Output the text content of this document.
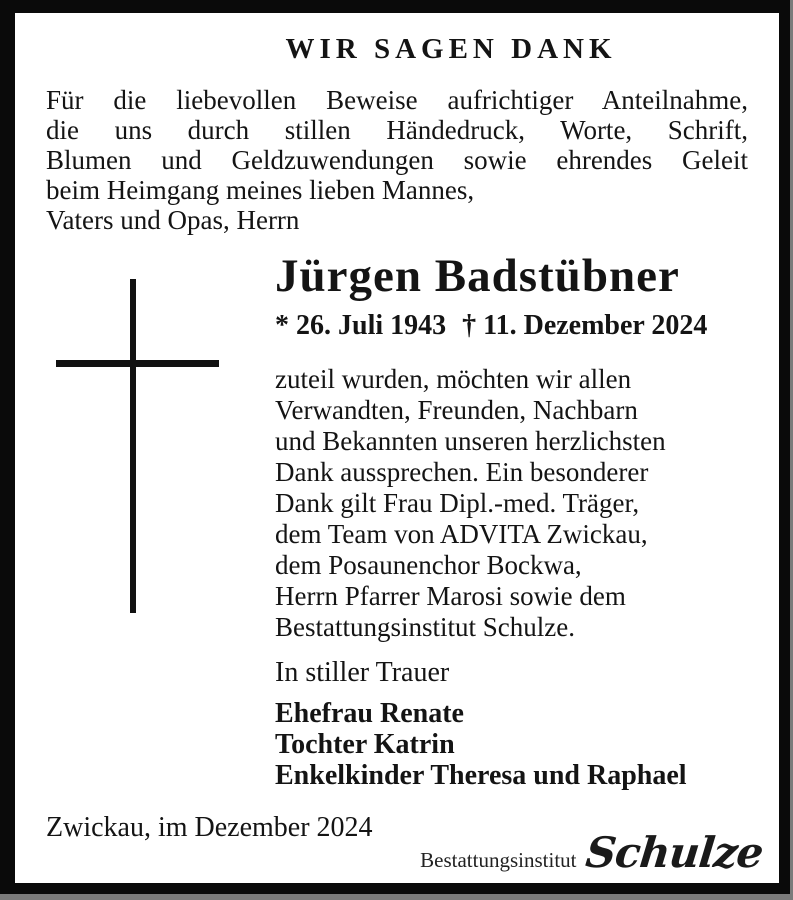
WIR SAGEN DANK
Für die liebevollen Beweise aufrichtiger Anteilnahme,
die uns durch stillen Händedruck, Worte, Schrift,
Blumen und Geldzuwendungen sowie ehrendes Geleit
beim Heimgang meines lieben Mannes,
Vaters und Opas, Herrn
Jürgen Badstübner
* 26. Juli 1943 † 11. Dezember 2024
zuteil wurden, möchten wir allen
Verwandten, Freunden, Nachbarn
und Bekannten unseren herzlichsten
Dank aussprechen. Ein besonderer
Dank gilt Frau Dipl.-med. Träger,
dem Team von ADVITA Zwickau,
dem Posaunenchor Bockwa,
Herrn Pfarrer Marosi sowie dem
Bestattungsinstitut Schulze.
In stiller Trauer
Ehefrau Renate
Tochter Katrin
Enkelkinder Theresa und Raphael
Zwickau, im Dezember 2024
Bestattungsinstitut Schulze
